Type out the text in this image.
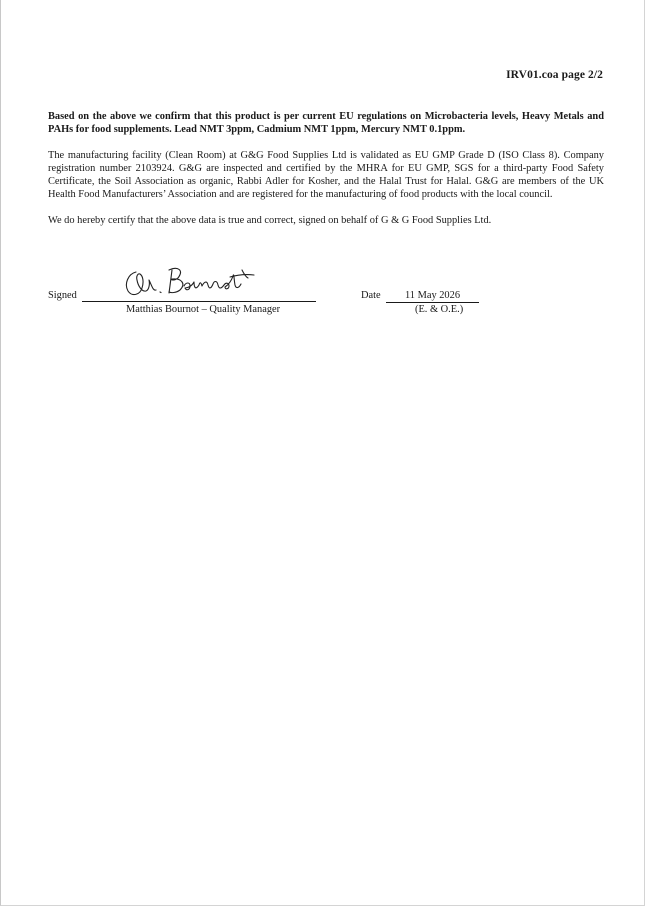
IRV01.coa page 2/2

Based on the above we confirm that this product is per current EU regulations on Microbacteria levels, Heavy Metals and PAHs for food supplements. Lead NMT 3ppm, Cadmium NMT 1ppm, Mercury NMT 0.1ppm.

The manufacturing facility (Clean Room) at G&G Food Supplies Ltd is validated as EU GMP Grade D (ISO Class 8). Company registration number 2103924. G&G are inspected and certified by the MHRA for EU GMP, SGS for a third-party Food Safety Certificate, the Soil Association as organic, Rabbi Adler for Kosher, and the Halal Trust for Halal. G&G are members of the UK Health Food Manufacturers’ Association and are registered for the manufacturing of food products with the local council.

We do hereby certify that the above data is true and correct, signed on behalf of G & G Food Supplies Ltd.

Signed
Matthias Bournot – Quality Manager
Date	11 May 2026
(E. & O.E.)
